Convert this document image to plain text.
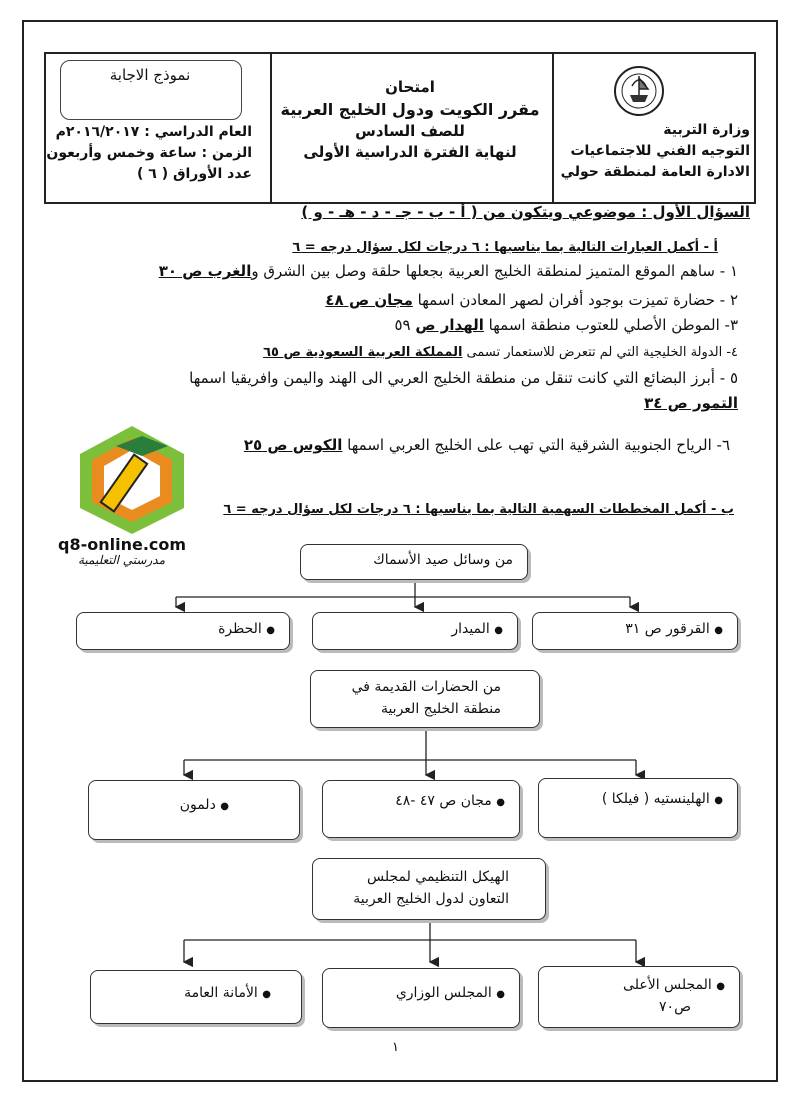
نموذج الاجابة
العام الدراسي : ٢٠١٦/٢٠١٧م
الزمن : ساعة وخمس وأربعون
عدد الأوراق ( ٦ )
امتحان
مقرر الكويت ودول الخليج العربية
للصف السادس
لنهاية الفترة الدراسية الأولى
وزارة التربية
التوجيه الفني للاجتماعيات
الادارة العامة لمنطقة حولي
السؤال الأول : موضوعي ويتكون من ( أ - ب - جـ - د - هـ - و )
أ - أكمل العبارات التالية بما يناسبها : ٦ درجات لكل سؤال درجه = ٦
١ - ساهم الموقع المتميز لمنطقة الخليج العربية بجعلها حلقة وصل بين الشرق والغرب ص ٣٠
٢ - حضارة تميزت بوجود أفران لصهر المعادن اسمها مجان ص ٤٨
٣- الموطن الأصلي للعتوب منطقة اسمها الهدار ص ٥٩
٤- الدولة الخليجية التي لم تتعرض للاستعمار تسمى المملكة العربية السعودية ص ٦٥
٥ - أبرز البضائع التي كانت تنقل من منطقة الخليج العربي الى الهند واليمن وافريقيا اسمها
التمور ص ٣٤
٦- الرياح الجنوبية الشرقية التي تهب على الخليج العربي اسمها الكوس ص ٢٥
q8-online.com
مدرستي التعليمية
ب - أكمل المخططات السهمية التالية بما يناسبها : ٦ درجات لكل سؤال درجه = ٦
من وسائل صيد الأسماك
● القرقور ص ٣١
● الميدار
● الحظرة
من الحضارات القديمة في
منطقة الخليج العربية
● الهلينستيه ( فيلكا )
● مجان ص ٤٧ -٤٨
● دلمون
الهيكل التنظيمي لمجلس
التعاون لدول الخليج العربية
● المجلس الأعلى
ص٧٠
● المجلس الوزاري
● الأمانة العامة
١
